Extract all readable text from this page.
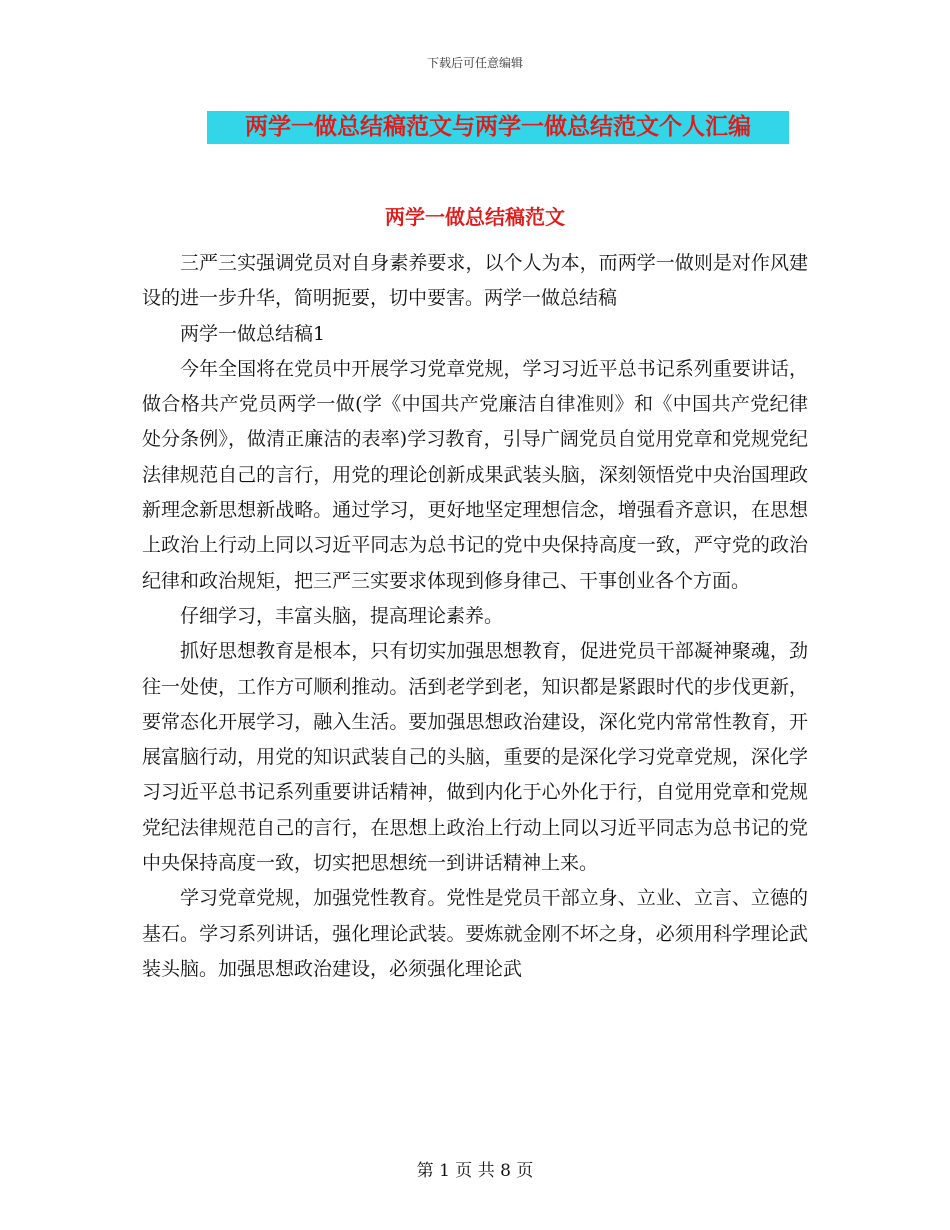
下载后可任意编辑
两学一做总结稿范文与两学一做总结范文个人汇编
两学一做总结稿范文

三严三实强调党员对自身素养要求，以个人为本，而两学一做则是对作风建设的进一步升华，简明扼要，切中要害。两学一做总结稿

两学一做总结稿1

今年全国将在党员中开展学习党章党规，学习习近平总书记系列重要讲话，做合格共产党员两学一做(学《中国共产党廉洁自律准则》和《中国共产党纪律处分条例》，做清正廉洁的表率)学习教育，引导广阔党员自觉用党章和党规党纪法律规范自己的言行，用党的理论创新成果武装头脑，深刻领悟党中央治国理政新理念新思想新战略。通过学习，更好地坚定理想信念，增强看齐意识，在思想上政治上行动上同以习近平同志为总书记的党中央保持高度一致，严守党的政治纪律和政治规矩，把三严三实要求体现到修身律己、干事创业各个方面。

仔细学习，丰富头脑，提高理论素养。

抓好思想教育是根本，只有切实加强思想教育，促进党员干部凝神聚魂，劲往一处使，工作方可顺利推动。活到老学到老，知识都是紧跟时代的步伐更新，要常态化开展学习，融入生活。要加强思想政治建设，深化党内常常性教育，开展富脑行动，用党的知识武装自己的头脑，重要的是深化学习党章党规，深化学习习近平总书记系列重要讲话精神，做到内化于心外化于行，自觉用党章和党规党纪法律规范自己的言行，在思想上政治上行动上同以习近平同志为总书记的党中央保持高度一致，切实把思想统一到讲话精神上来。

学习党章党规，加强党性教育。党性是党员干部立身、立业、立言、立德的基石。学习系列讲话，强化理论武装。要炼就金刚不坏之身，必须用科学理论武装头脑。加强思想政治建设，必须强化理论武

第 1 页 共 8 页
